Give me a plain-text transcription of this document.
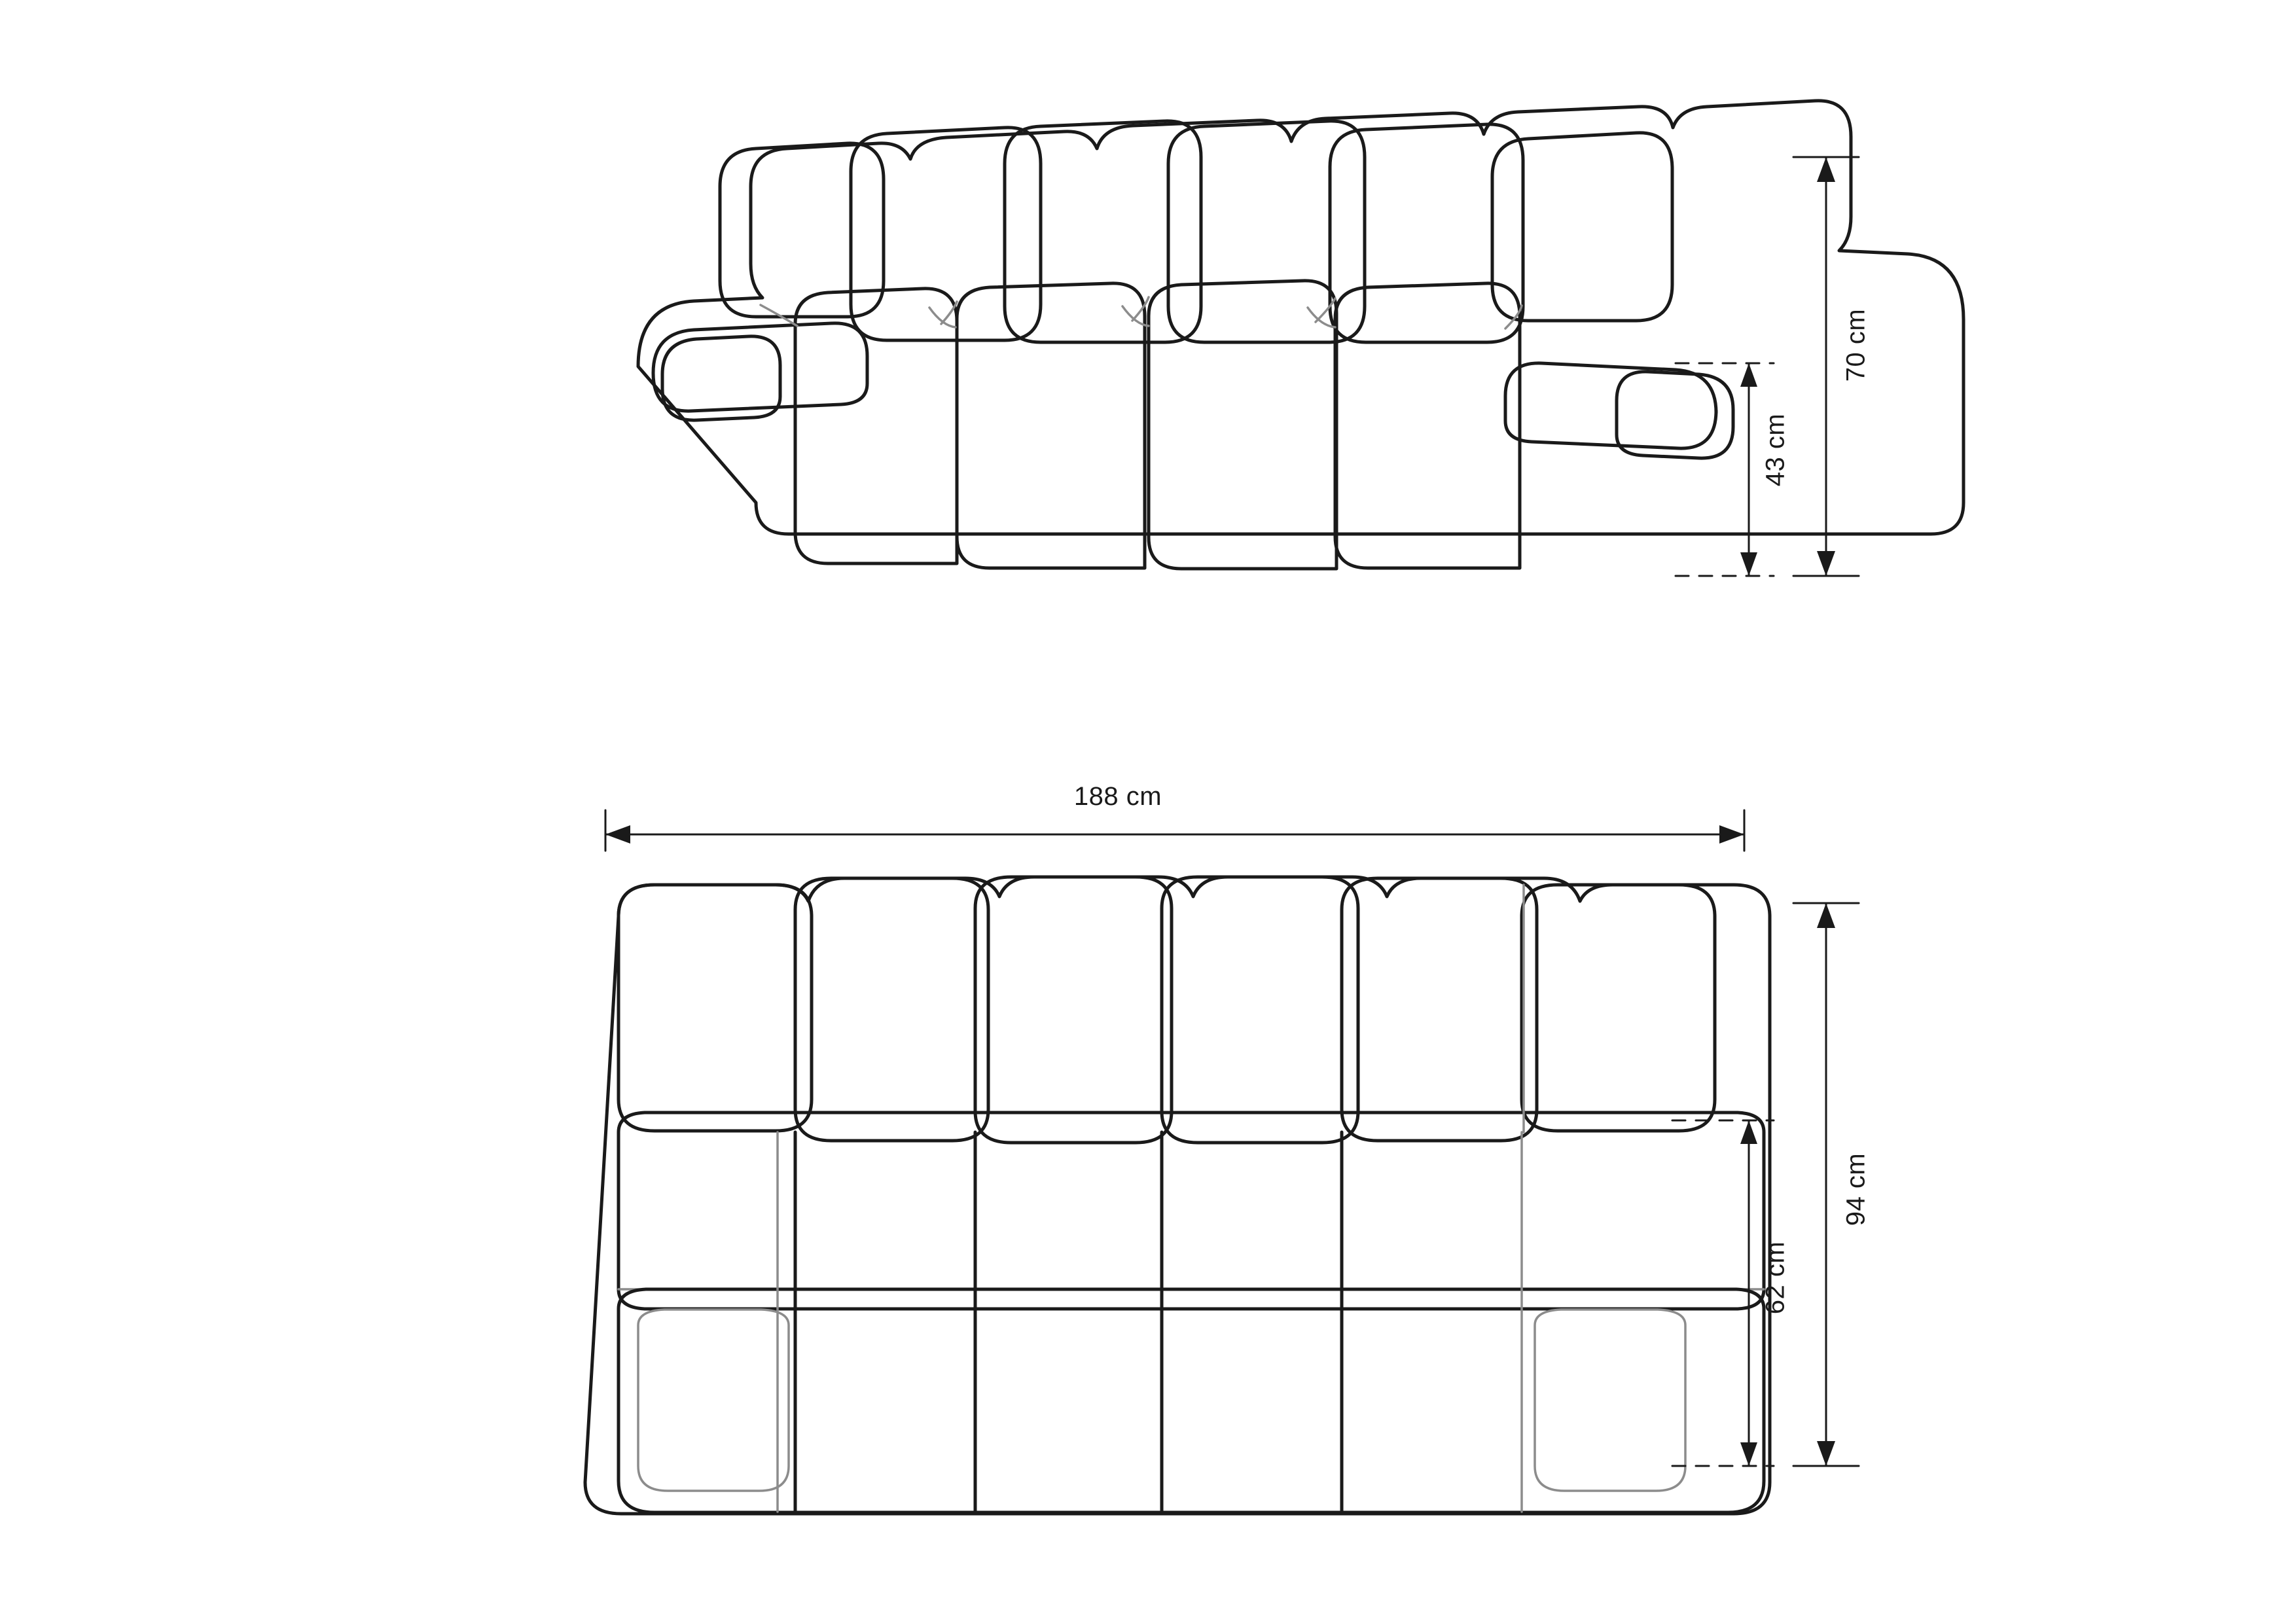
70 cm
43 cm
188 cm
94 cm
62 cm
